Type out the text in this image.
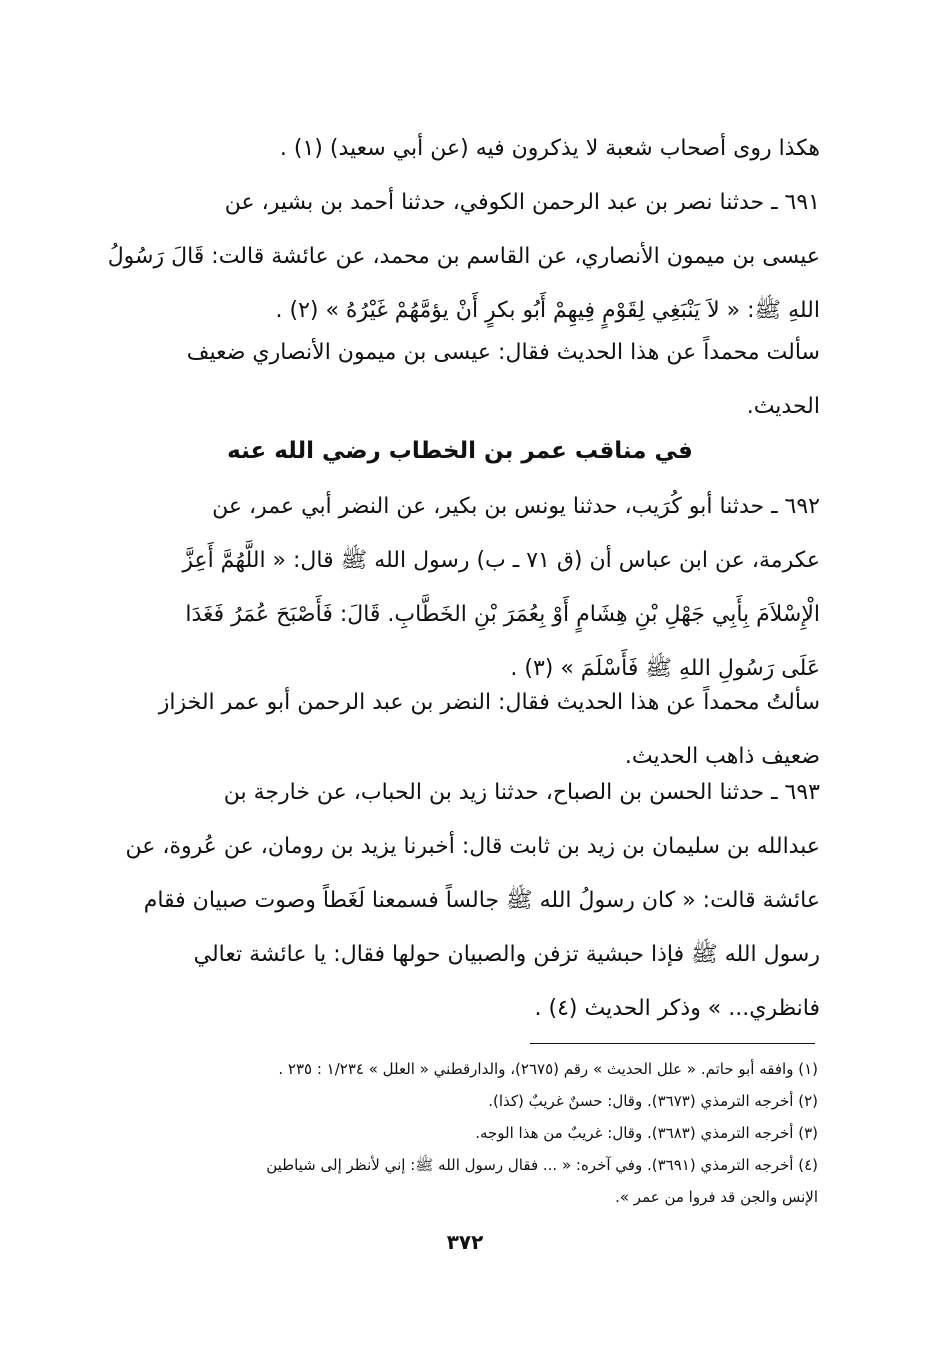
هكذا روى أصحاب شعبة لا يذكرون فيه (عن أبي سعيد) (١) .
٦٩١ ـ حدثنا نصر بن عبد الرحمن الكوفي، حدثنا أحمد بن بشير، عن
عيسى بن ميمون الأنصاري، عن القاسم بن محمد، عن عائشة قالت: قَالَ رَسُولُ
اللهِ ﷺ: « لاَ يَنْبَغِي لِقَوْمٍ فِيهِمْ أَبُو بكرٍ أَنْ يؤمَّهُمْ غَيْرُهُ » (٢) .
سألت محمداً عن هذا الحديث فقال: عيسى بن ميمون الأنصاري ضعيف
الحديث.
في مناقب عمر بن الخطاب رضي الله عنه
٦٩٢ ـ حدثنا أبو كُرَيب، حدثنا يونس بن بكير، عن النضر أبي عمر، عن
عكرمة، عن ابن عباس أن (ق ٧١ ـ ب) رسول الله ﷺ قال: « اللَّهُمَّ أَعِزَّ
الْإِسْلاَمَ بِأَبِي جَهْلِ بْنِ هِشَامٍ أَوْ بِعُمَرَ بْنِ الخَطَّابِ. قَالَ: فَأَصْبَحَ عُمَرُ فَغَدَا
عَلَى رَسُولِ اللهِ ﷺ فَأَسْلَمَ » (٣) .
سألتُ محمداً عن هذا الحديث فقال: النضر بن عبد الرحمن أبو عمر الخزاز
ضعيف ذاهب الحديث.
٦٩٣ ـ حدثنا الحسن بن الصباح، حدثنا زيد بن الحباب، عن خارجة بن
عبدالله بن سليمان بن زيد بن ثابت قال: أخبرنا يزيد بن رومان، عن عُروة، عن
عائشة قالت: « كان رسولُ الله ﷺ جالساً فسمعنا لَغَطاً وصوت صبيان فقام
رسول الله ﷺ فإذا حبشية تزفن والصبيان حولها فقال: يا عائشة تعالي
فانظري... » وذكر الحديث (٤) .
(١) وافقه أبو حاتم. « علل الحديث » رقم (٢٦٧٥)، والدارقطني « العلل » ١/٢٣٤ : ٢٣٥ .
(٢) أخرجه الترمذي (٣٦٧٣). وقال: حسنٌ غريبٌ (كذا).
(٣) أخرجه الترمذي (٣٦٨٣). وقال: غريبٌ من هذا الوجه.
(٤) أخرجه الترمذي (٣٦٩١). وفي آخره: « ... فقال رسول الله ﷺ: إني لأنظر إلى شياطين
الإنس والجن قد فروا من عمر ».
٣٧٢
